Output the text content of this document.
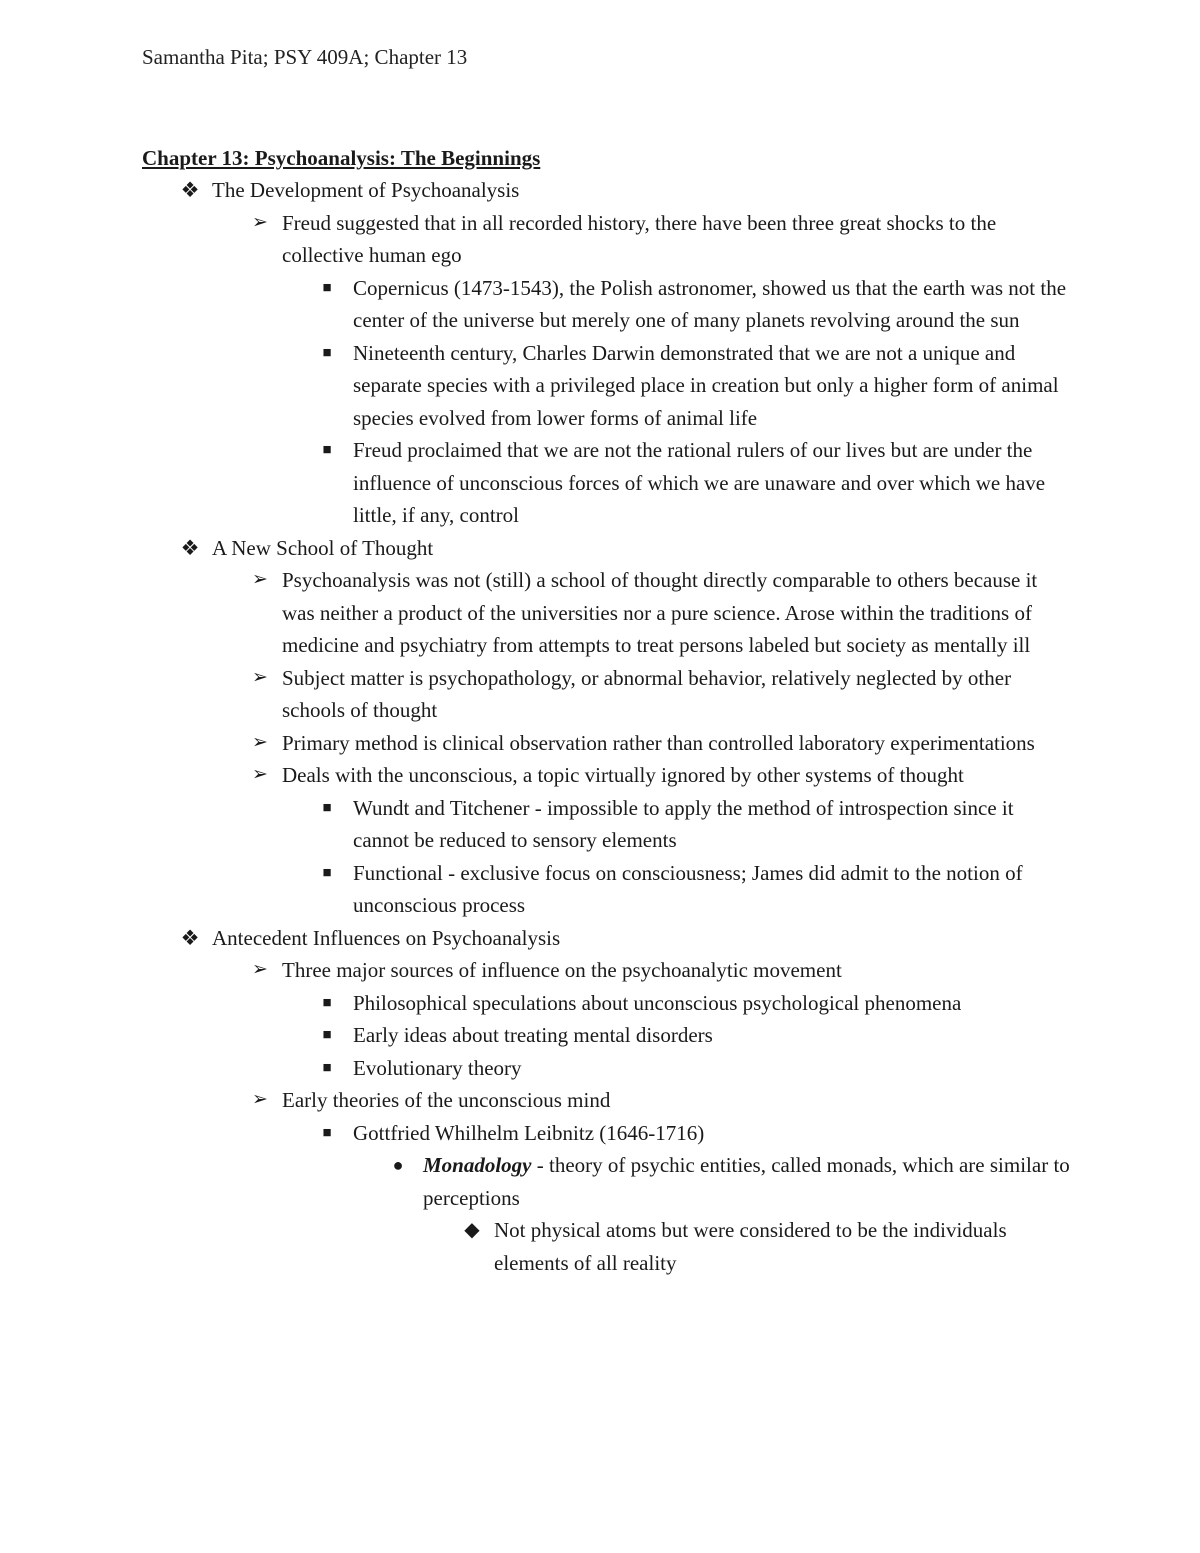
Samantha Pita; PSY 409A; Chapter 13
Chapter 13: Psychoanalysis: The Beginnings
❖ The Development of Psychoanalysis
➢ Freud suggested that in all recorded history, there have been three great shocks to the collective human ego
■	Copernicus (1473-1543), the Polish astronomer, showed us that the earth was not the center of the universe but merely one of many planets revolving around the sun
■	Nineteenth century, Charles Darwin demonstrated that we are not a unique and separate species with a privileged place in creation but only a higher form of animal species evolved from lower forms of animal life
■	Freud proclaimed that we are not the rational rulers of our lives but are under the influence of unconscious forces of which we are unaware and over which we have little, if any, control
❖ A New School of Thought
➢ Psychoanalysis was not (still) a school of thought directly comparable to others because it was neither a product of the universities nor a pure science. Arose within the traditions of medicine and psychiatry from attempts to treat persons labeled but society as mentally ill
➢ Subject matter is psychopathology, or abnormal behavior, relatively neglected by other schools of thought
➢ Primary method is clinical observation rather than controlled laboratory experimentations
➢ Deals with the unconscious, a topic virtually ignored by other systems of thought
■	Wundt and Titchener - impossible to apply the method of introspection since it cannot be reduced to sensory elements
■	Functional - exclusive focus on consciousness; James did admit to the notion of unconscious process
❖ Antecedent Influences on Psychoanalysis
➢ Three major sources of influence on the psychoanalytic movement
■	Philosophical speculations about unconscious psychological phenomena
■	Early ideas about treating mental disorders
■	Evolutionary theory
➢ Early theories of the unconscious mind
■	Gottfried Whilhelm Leibnitz (1646-1716)
● Monadology - theory of psychic entities, called monads, which are similar to perceptions
◆ Not physical atoms but were considered to be the individuals elements of all reality
